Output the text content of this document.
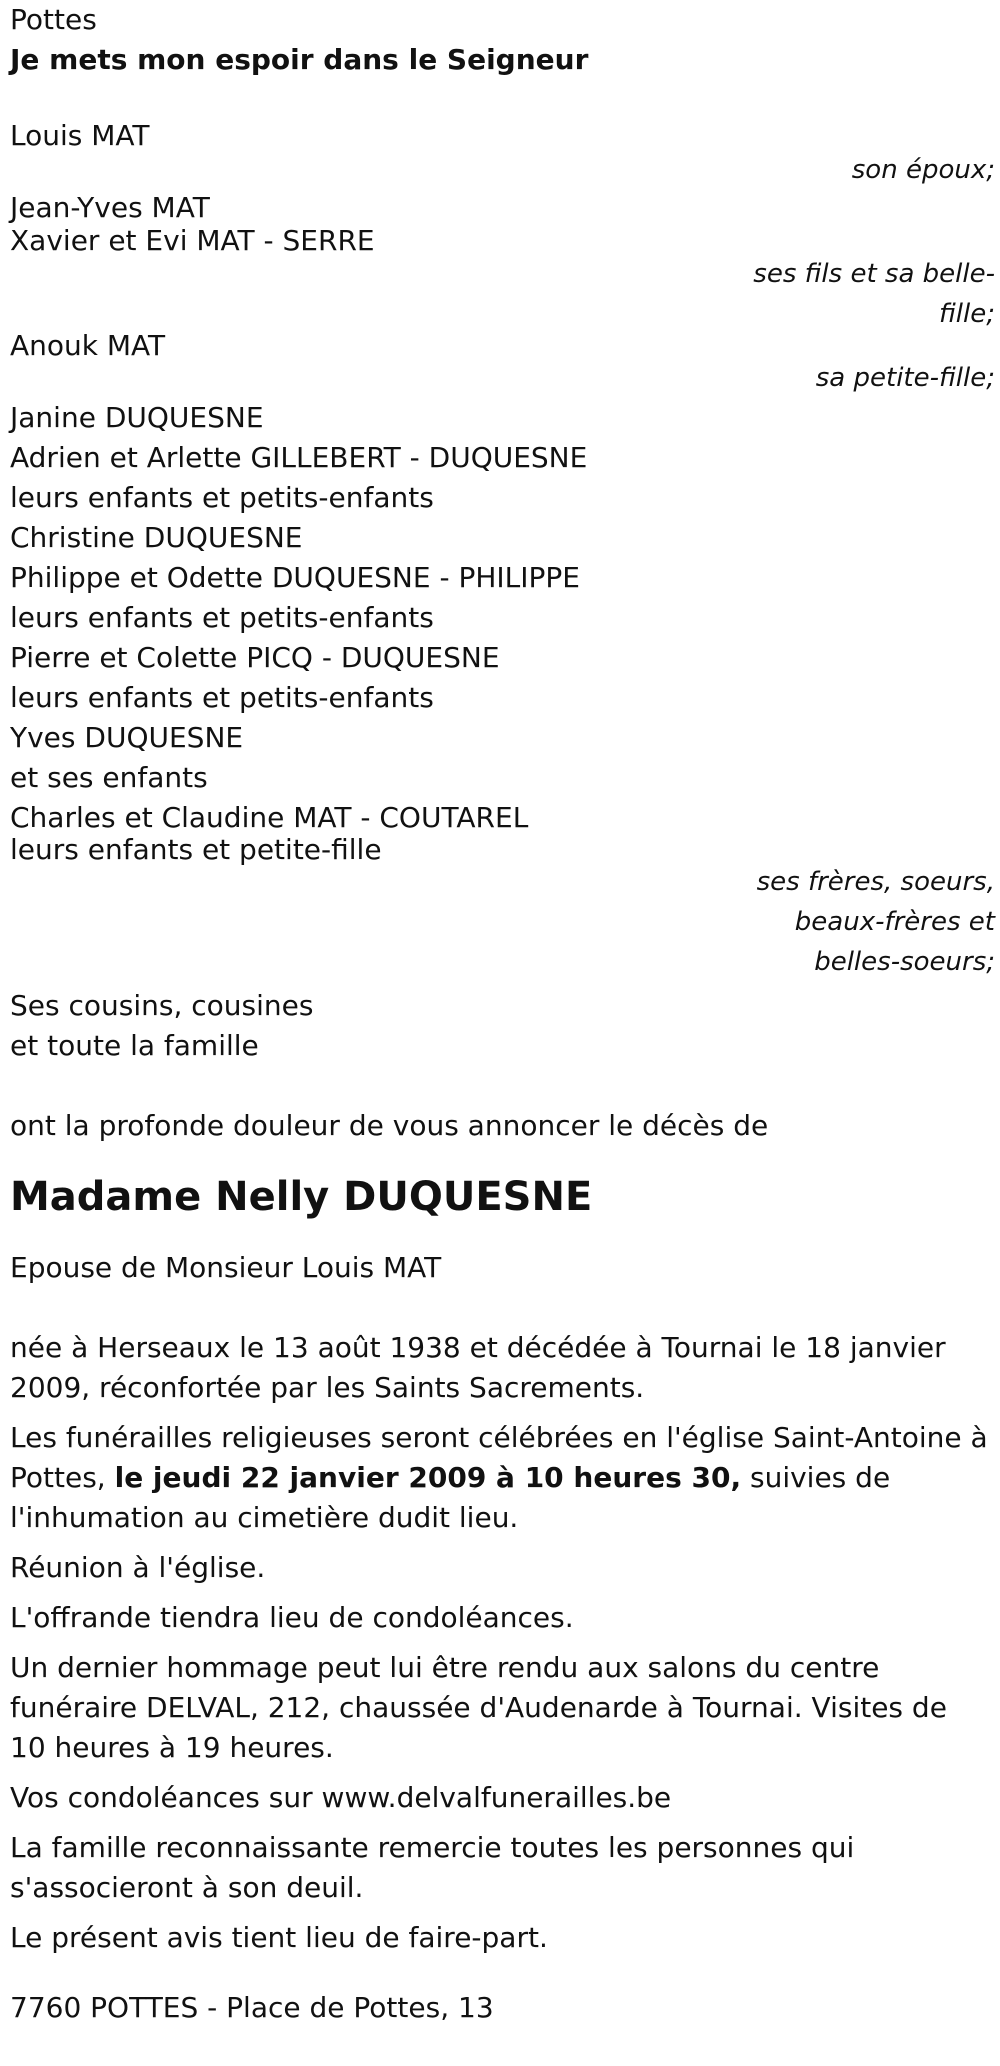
Pottes
Je mets mon espoir dans le Seigneur
Louis MAT
son époux;
Jean-Yves MAT
Xavier et Evi MAT - SERRE
ses fils et sa belle-
fille;
Anouk MAT
sa petite-fille;
Janine DUQUESNE
Adrien et Arlette GILLEBERT - DUQUESNE
leurs enfants et petits-enfants
Christine DUQUESNE
Philippe et Odette DUQUESNE - PHILIPPE
leurs enfants et petits-enfants
Pierre et Colette PICQ - DUQUESNE
leurs enfants et petits-enfants
Yves DUQUESNE
et ses enfants
Charles et Claudine MAT - COUTAREL
leurs enfants et petite-fille
ses frères, soeurs,
beaux-frères et
belles-soeurs;
Ses cousins, cousines
et toute la famille
ont la profonde douleur de vous annoncer le décès de
Madame Nelly DUQUESNE
Epouse de Monsieur Louis MAT

née à Herseaux le 13 août 1938 et décédée à Tournai le 18 janvier 2009, réconfortée par les Saints Sacrements.

Les funérailles religieuses seront célébrées en l'église Saint-Antoine à Pottes, le jeudi 22 janvier 2009 à 10 heures 30, suivies de l'inhumation au cimetière dudit lieu.

Réunion à l'église.

L'offrande tiendra lieu de condoléances.

Un dernier hommage peut lui être rendu aux salons du centre funéraire DELVAL, 212, chaussée d'Audenarde à Tournai. Visites de 10 heures à 19 heures.

Vos condoléances sur www.delvalfunerailles.be

La famille reconnaissante remercie toutes les personnes qui s'associeront à son deuil.

Le présent avis tient lieu de faire-part.

7760 POTTES - Place de Pottes, 13
